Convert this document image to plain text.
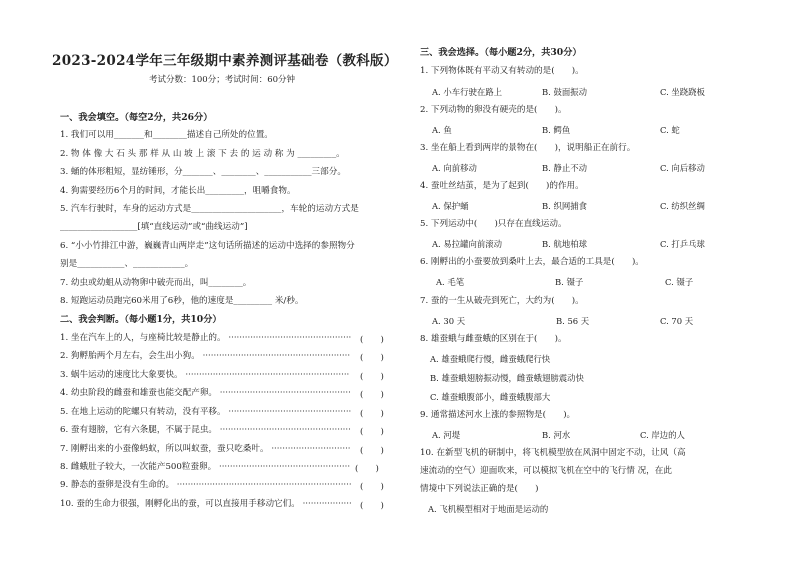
2023-2024学年三年级期中素养测评基础卷（教科版）
考试分数：100分；考试时间：60分钟
一、我会填空。（每空2分，共26分）
1. 我们可以用_______和________描述自己所处的位置。
2. 物 体 像 大 石 头 那 样 从 山 坡 上 滚 下 去 的 运 动 称 为 _________。
3. 蛹的体形粗短，显纺锤形，分_______、________、___________三部分。
4. 狗需要经历6个月的时间，才能长出_________，咀嚼食物。
5. 汽车行驶时，车身的运动方式是_____________________，车轮的运动方式是
__________________[填“直线运动”或“曲线运动”]
6. “小小竹排江中游，巍巍青山两岸走”这句话所描述的运动中选择的参照物分
别是___________、____________。
7. 幼虫或幼蛆从动物卵中破壳而出，叫________。
8. 短跑运动员跑完60米用了6秒，他的速度是_________ 米/秒。
二、我会判断。（每小题1分，共10分）
1. 坐在汽车上的人，与座椅比较是静止的。 ············································· (　　)
2. 狗孵胎两个月左右，会生出小狗。 ······················································ (　　)
3. 蜗牛运动的速度比大象要快。 ···························································· (　　)
4. 幼虫阶段的雌蚕和雄蚕也能交配产卵。 ················································ (　　)
5. 在地上运动的陀螺只有转动，没有平移。 ············································· (　　)
6. 蚕有翅膀，它有六条腿，不属于昆虫。 ················································ (　　)
7. 刚孵出来的小蚕像蚂蚁，所以叫蚁蚕，蚕只吃桑叶。 ····························· (　　)
8. 雌蛾肚子较大，一次能产500粒蚕卵。 ················································ (　　)
9. 静态的蚕卵是没有生命的。 ································································ (　　)
10. 蚕的生命力很强，刚孵化出的蚕，可以直接用手移动它们。 ·················· (　　)
三、我会选择。（每小题2分，共30分）
1. 下列物体既有平动又有转动的是(　　)。
A. 小车行驶在路上	B. 鼓面振动	C. 坐跷跷板
2. 下列动物的卵没有硬壳的是(　　)。
A. 鱼	B. 鳄鱼	C. 蛇
3. 坐在船上看到两岸的景物在(　　)，说明船正在前行。
A. 向前移动	B. 静止不动	C. 向后移动
4. 蚕吐丝结茧，是为了起到(　　)的作用。
A. 保护蛹	B. 织网捕食	C. 纺织丝绸
5. 下列运动中(　　)只存在直线运动。
A. 易拉罐向前滚动	B. 航地柏球	C. 打乒乓球
6. 刚孵出的小蚕要放到桑叶上去，最合适的工具是(　　)。
A. 毛笔	B. 镊子	C. 镊子
7. 蚕的一生从破壳到死亡，大约为(　　)。
A. 30 天	B. 56 天	C. 70 天
8. 雄蚕蛾与雌蚕蛾的区别在于(　　)。
A. 雄蚕蛾爬行慢，雌蚕蛾爬行快
B. 雄蚕蛾翅膀振动慢，雌蚕蛾翅膀震动快
C. 雄蚕蛾腹部小，雌蚕蛾腹部大
9. 通常描述河水上涨的参照物是(　　)。
A. 河堤	B. 河水	C. 岸边的人
10. 在新型飞机的研制中，将飞机模型放在风洞中固定不动，让风（高
速流动的空气）迎面吹来，可以模拟飞机在空中的飞行情 况，在此
情境中下列说法正确的是(　　)
A. 飞机模型相对于地面是运动的
